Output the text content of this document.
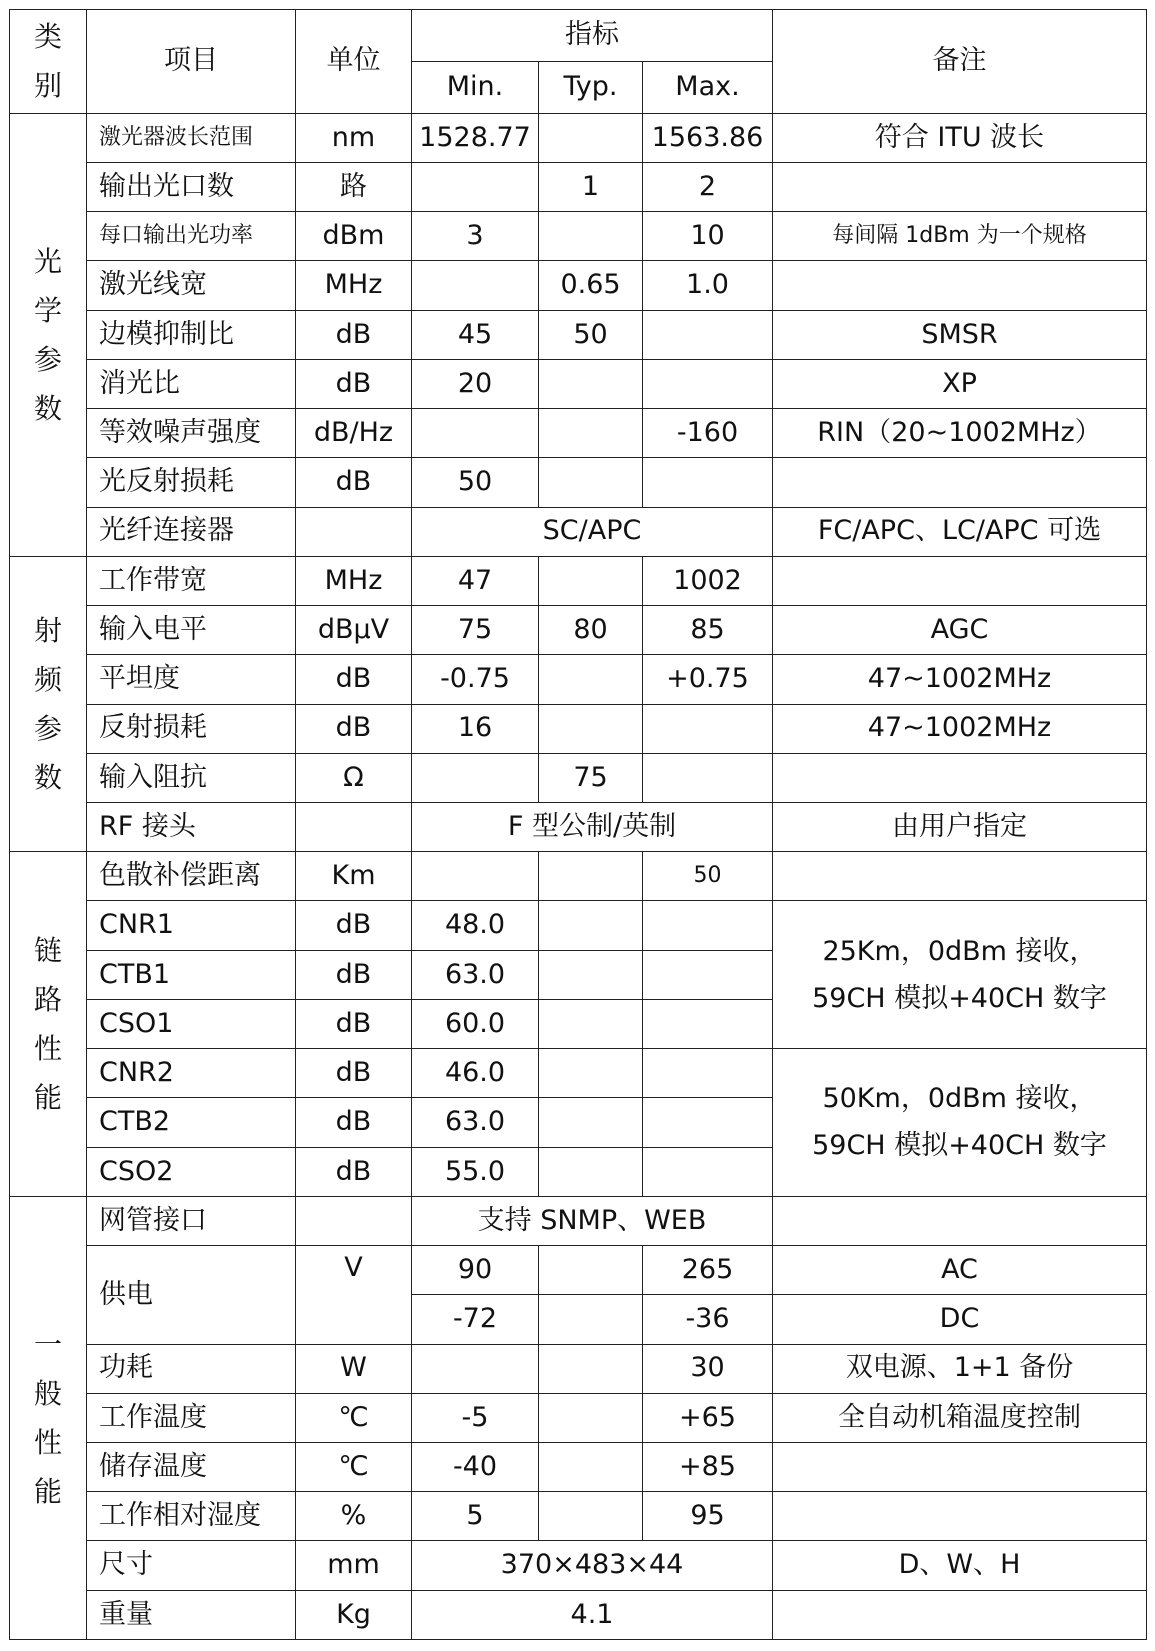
类
别	项目	单位	指标			备注
			Min.	Typ.	Max.	

光
学
参
数	激光器波长范围	nm	1528.77		1563.86	符合 ITU 波长
	输出光口数	路		1	2	
	每口输出光功率	dBm	3		10	每间隔 1dBm 为一个规格
	激光线宽	MHz		0.65	1.0	
	边模抑制比	dB	45	50		SMSR
	消光比	dB	20			XP
	等效噪声强度	dB/Hz			-160	RIN（20~1002MHz）
	光反射损耗	dB	50			
	光纤连接器		SC/APC			FC/APC、LC/APC 可选

射
频
参
数	工作带宽	MHz	47		1002	
	输入电平	dBμV	75	80	85	AGC
	平坦度	dB	-0.75		+0.75	47~1002MHz
	反射损耗	dB	16			47~1002MHz
	输入阻抗	Ω		75		
	RF 接头		F 型公制/英制			由用户指定

链
路
性
能	色散补偿距离	Km			50	
	CNR1	dB	48.0			25Km，0dBm 接收，
59CH 模拟+40CH 数字
	CTB1	dB	63.0			
	CSO1	dB	60.0			
	CNR2	dB	46.0			50Km，0dBm 接收，
59CH 模拟+40CH 数字
	CTB2	dB	63.0			
	CSO2	dB	55.0			

一
般
性
能	网管接口		支持 SNMP、WEB			
	供电	V	90		265	AC
			-72		-36	DC
	功耗	W			30	双电源、1+1 备份
	工作温度	℃	-5		+65	全自动机箱温度控制
	储存温度	℃	-40		+85	
	工作相对湿度	%	5		95	
	尺寸	mm	370×483×44			D、W、H
	重量	Kg	4.1			
